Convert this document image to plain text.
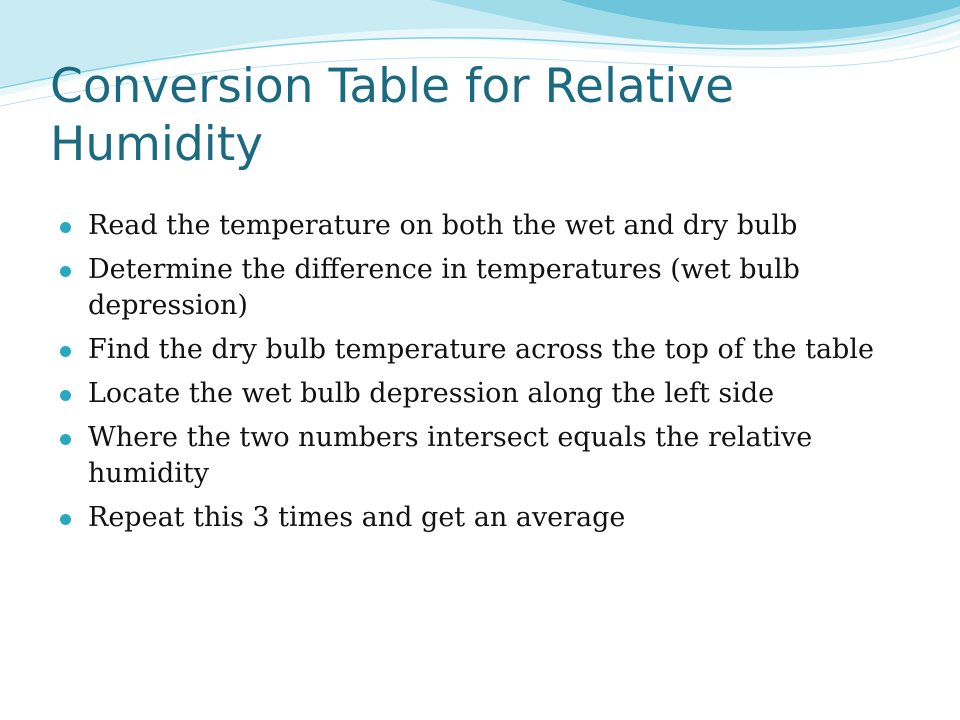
Conversion Table for Relative Humidity
Read the temperature on both the wet and dry bulb
Determine the difference in temperatures (wet bulb depression)
Find the dry bulb temperature across the top of the table
Locate the wet bulb depression along the left side
Where the two numbers intersect equals the relative humidity
Repeat this 3 times and get an average
